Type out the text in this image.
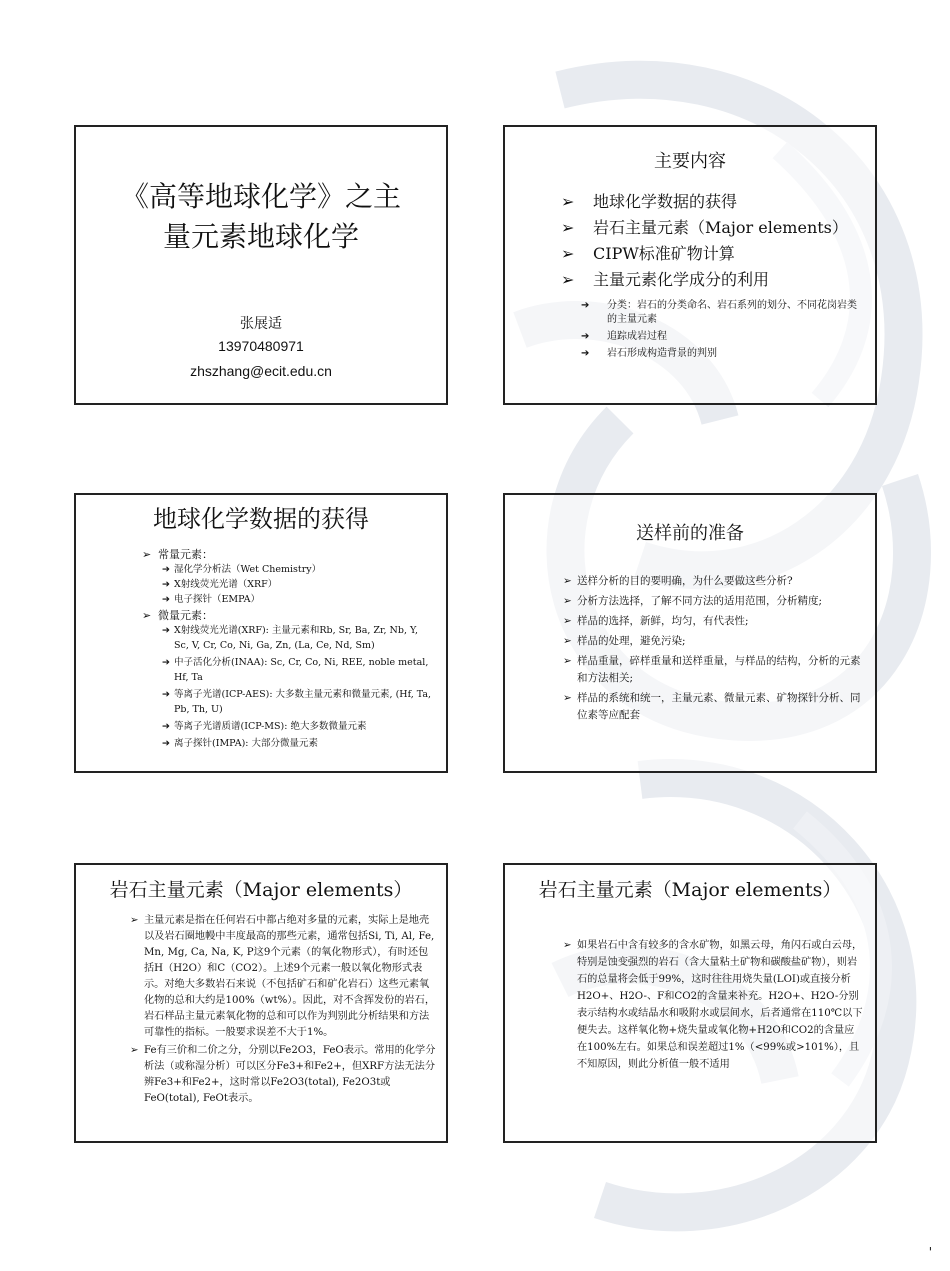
《高等地球化学》之主量元素地球化学
张展适
13970480971
zhszhang@ecit.edu.cn
主要内容
➢ 地球化学数据的获得
➢ 岩石主量元素（Major elements）
➢ CIPW标准矿物计算
➢ 主量元素化学成分的利用
➔ 分类：岩石的分类命名、岩石系列的划分、不同花岗岩类的主量元素
➔ 追踪成岩过程
➔ 岩石形成构造背景的判别
地球化学数据的获得
➢ 常量元素：
➔ 湿化学分析法（Wet Chemistry）
➔ X射线荧光光谱（XRF）
➔ 电子探针（EMPA）
➢ 微量元素：
➔ X射线荧光光谱(XRF): 主量元素和Rb, Sr, Ba, Zr, Nb, Y, Sc, V, Cr, Co, Ni, Ga, Zn, (La, Ce, Nd, Sm)
➔ 中子活化分析(INAA): Sc, Cr, Co, Ni, REE, noble metal, Hf, Ta
➔ 等离子光谱(ICP-AES): 大多数主量元素和微量元素, (Hf, Ta, Pb, Th, U)
➔ 等离子光谱质谱(ICP-MS): 绝大多数微量元素
➔ 离子探针(IMPA): 大部分微量元素
送样前的准备
➢ 送样分析的目的要明确，为什么要做这些分析?
➢ 分析方法选择，了解不同方法的适用范围，分析精度;
➢ 样品的选择，新鲜，均匀，有代表性;
➢ 样品的处理，避免污染;
➢ 样品重量，碎样重量和送样重量，与样品的结构，分析的元素和方法相关;
➢ 样品的系统和统一，主量元素、微量元素、矿物探针分析、同位素等应配套
岩石主量元素（Major elements）
➢ 主量元素是指在任何岩石中都占绝对多量的元素，实际上是地壳以及岩石圈地幔中丰度最高的那些元素，通常包括Si, Ti, Al, Fe, Mn, Mg, Ca, Na, K, P这9个元素（的氧化物形式），有时还包括H（H2O）和C（CO2）。上述9个元素一般以氧化物形式表示。对绝大多数岩石来说（不包括矿石和矿化岩石）这些元素氧化物的总和大约是100%（wt%）。因此，对不含挥发份的岩石，岩石样品主量元素氧化物的总和可以作为判别此分析结果和方法可靠性的指标。一般要求误差不大于1%。
➢ Fe有三价和二价之分，分别以Fe2O3，FeO表示。常用的化学分析法（或称湿分析）可以区分Fe3+和Fe2+，但XRF方法无法分辨Fe3+和Fe2+，这时常以Fe2O3(total), Fe2O3t或FeO(total), FeOt表示。
岩石主量元素（Major elements）
➢ 如果岩石中含有较多的含水矿物，如黑云母，角闪石或白云母，特别是蚀变强烈的岩石（含大量粘土矿物和碳酸盐矿物），则岩石的总量将会低于99%，这时往往用烧失量(LOI)或直接分析H2O+、H2O-、F和CO2的含量来补充。H2O+、H2O-分别表示结构水或结晶水和吸附水或层间水，后者通常在110℃以下便失去。这样氧化物+烧失量或氧化物+H2O和CO2的含量应在100%左右。如果总和误差超过1%（<99%或>101%），且不知原因，则此分析值一般不适用
'
